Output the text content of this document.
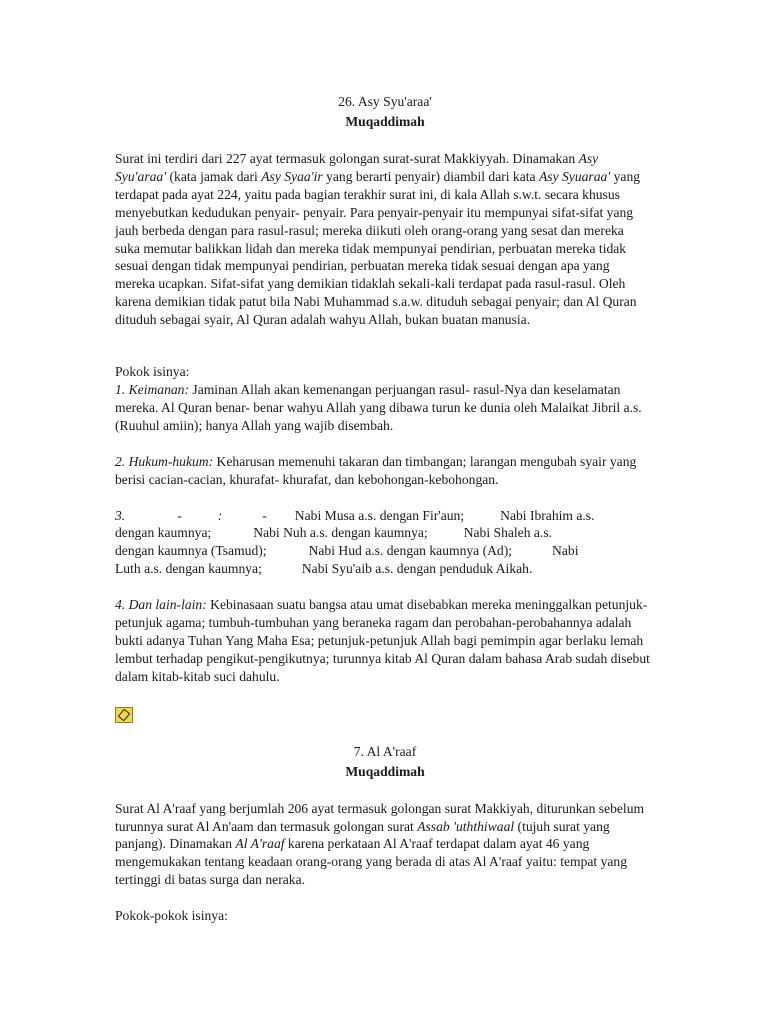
26. Asy Syu'araa'

Muqaddimah

Surat ini terdiri dari 227 ayat termasuk golongan surat-surat Makkiyyah. Dinamakan Asy Syu'araa' (kata jamak dari Asy Syaa'ir yang berarti penyair) diambil dari kata Asy Syuaraa' yang terdapat pada ayat 224, yaitu pada bagian terakhir surat ini, di kala Allah s.w.t. secara khusus menyebutkan kedudukan penyair- penyair. Para penyair-penyair itu mempunyai sifat-sifat yang jauh berbeda dengan para rasul-rasul; mereka diikuti oleh orang-orang yang sesat dan mereka suka memutar balikkan lidah dan mereka tidak mempunyai pendirian, perbuatan mereka tidak sesuai dengan tidak mempunyai pendirian, perbuatan mereka tidak sesuai dengan apa yang mereka ucapkan. Sifat-sifat yang demikian tidaklah sekali-kali terdapat pada rasul-rasul. Oleh karena demikian tidak patut bila Nabi Muhammad s.a.w. dituduh sebagai penyair; dan Al Quran dituduh sebagai syair, Al Quran adalah wahyu Allah, bukan buatan manusia.

Pokok isinya:

1. Keimanan: Jaminan Allah akan kemenangan perjuangan rasul- rasul-Nya dan keselamatan mereka. Al Quran benar- benar wahyu Allah yang dibawa turun ke dunia oleh Malaikat Jibril a.s. (Ruuhul amiin); hanya Allah yang wajib disembah.

2. Hukum-hukum: Keharusan memenuhi takaran dan timbangan; larangan mengubah syair yang berisi cacian-cacian, khurafat- khurafat, dan kebohongan-kebohongan.

3.	-	:	- Nabi Musa a.s. dengan Fir'aun;	Nabi Ibrahim a.s.
dengan kaumnya;	Nabi Nuh a.s. dengan kaumnya;	Nabi Shaleh a.s.
dengan kaumnya (Tsamud);	Nabi Hud a.s. dengan kaumnya (Ad);	Nabi
Luth a.s. dengan kaumnya;	Nabi Syu'aib a.s. dengan penduduk Aikah.

4. Dan lain-lain: Kebinasaan suatu bangsa atau umat disebabkan mereka meninggalkan petunjuk-petunjuk agama; tumbuh-tumbuhan yang beraneka ragam dan perobahan-perobahannya adalah bukti adanya Tuhan Yang Maha Esa; petunjuk-petunjuk Allah bagi pemimpin agar berlaku lemah lembut terhadap pengikut-pengikutnya; turunnya kitab Al Quran dalam bahasa Arab sudah disebut dalam kitab-kitab suci dahulu.

7. Al A'raaf

Muqaddimah

Surat Al A'raaf yang berjumlah 206 ayat termasuk golongan surat Makkiyah, diturunkan sebelum turunnya surat Al An'aam dan termasuk golongan surat Assab 'uththiwaal (tujuh surat yang panjang). Dinamakan Al A'raaf karena perkataan Al A'raaf terdapat dalam ayat 46 yang mengemukakan tentang keadaan orang-orang yang berada di atas Al A'raaf yaitu: tempat yang tertinggi di batas surga dan neraka.

Pokok-pokok isinya:
